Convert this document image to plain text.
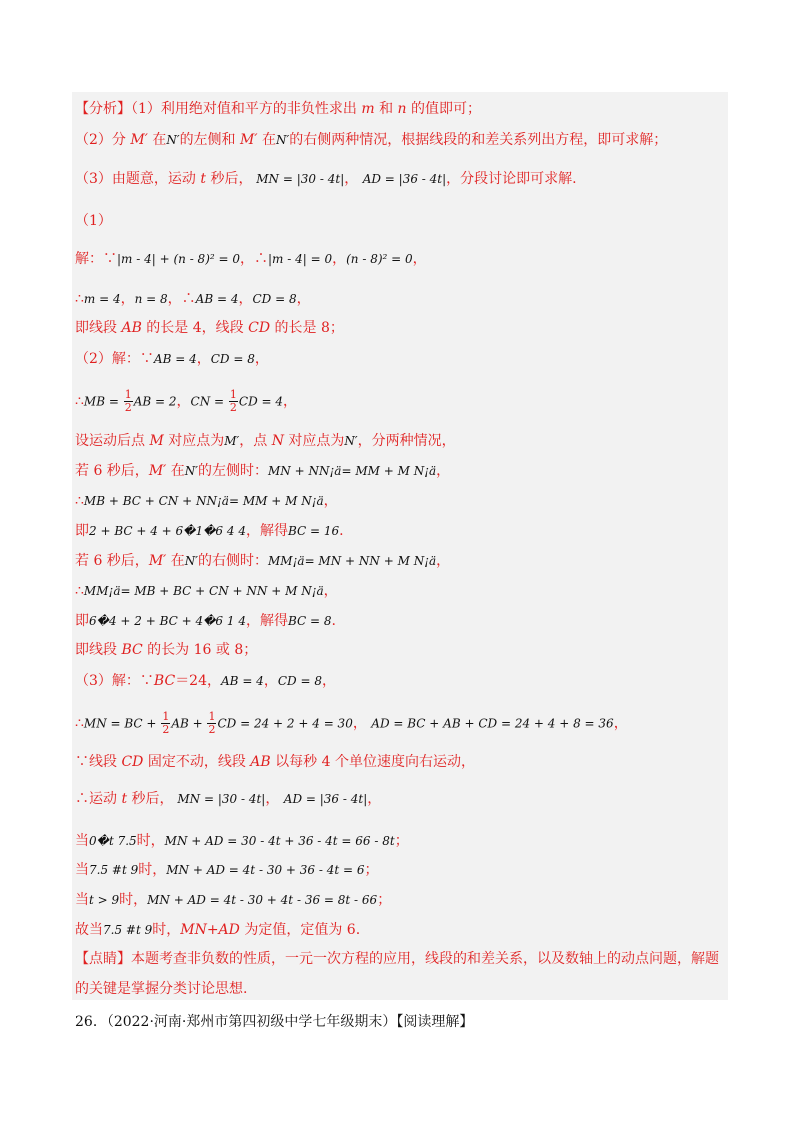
【分析】（1）利用绝对值和平方的非负性求出 m 和 n 的值即可；
（2）分 M′ 在N′的左侧和 M′ 在N′的右侧两种情况，根据线段的和差关系列出方程，即可求解；
（3）由题意，运动 t 秒后， MN = |30 - 4t|， AD = |36 - 4t|，分段讨论即可求解.
（1）
解：∵|m - 4| + (n - 8)² = 0，∴|m - 4| = 0，(n - 8)² = 0，
∴m = 4，n = 8，∴AB = 4，CD = 8，
即线段 AB 的长是 4，线段 CD 的长是 8；
（2）解：∵AB = 4，CD = 8，
∴MB = $\frac{1}{2}$ AB = 2，CN = $\frac{1}{2}$ CD = 4，
设运动后点 M 对应点为M′，点 N 对应点为N′，分两种情况，
若 6 秒后，M′ 在N′的左侧时：MN + NN¡ä= MM + M N¡ä，
∴MB + BC + CN + NN¡ä= MM + M N¡ä，
即2 + BC + 4 + 6�1�6 4 4，解得BC = 16.
若 6 秒后，M′ 在N′的右侧时：MM¡ä= MN + NN + M N¡ä，
∴MM¡ä= MB + BC + CN + NN + M N¡ä，
即6�4 + 2 + BC + 4�6 1 4，解得BC = 8.
即线段 BC 的长为 16 或 8；
（3）解：∵BC＝24，AB = 4，CD = 8，
∴MN = BC + $\frac{1}{2}$ AB + $\frac{1}{2}$ CD = 24 + 2 + 4 = 30， AD = BC + AB + CD = 24 + 4 + 8 = 36，
∵线段 CD 固定不动，线段 AB 以每秒 4 个单位速度向右运动，
∴运动 t 秒后， MN = |30 - 4t|， AD = |36 - 4t|，
当0�t 7.5时，MN + AD = 30 - 4t + 36 - 4t = 66 - 8t；
当7.5 #t 9时，MN + AD = 4t - 30 + 36 - 4t = 6；
当t > 9时，MN + AD = 4t - 30 + 4t - 36 = 8t - 66；
故当7.5 #t 9时，MN+AD 为定值，定值为 6.
【点睛】本题考查非负数的性质，一元一次方程的应用，线段的和差关系，以及数轴上的动点问题，解题
的关键是掌握分类讨论思想.
26．（2022·河南·郑州市第四初级中学七年级期末）【阅读理解】
